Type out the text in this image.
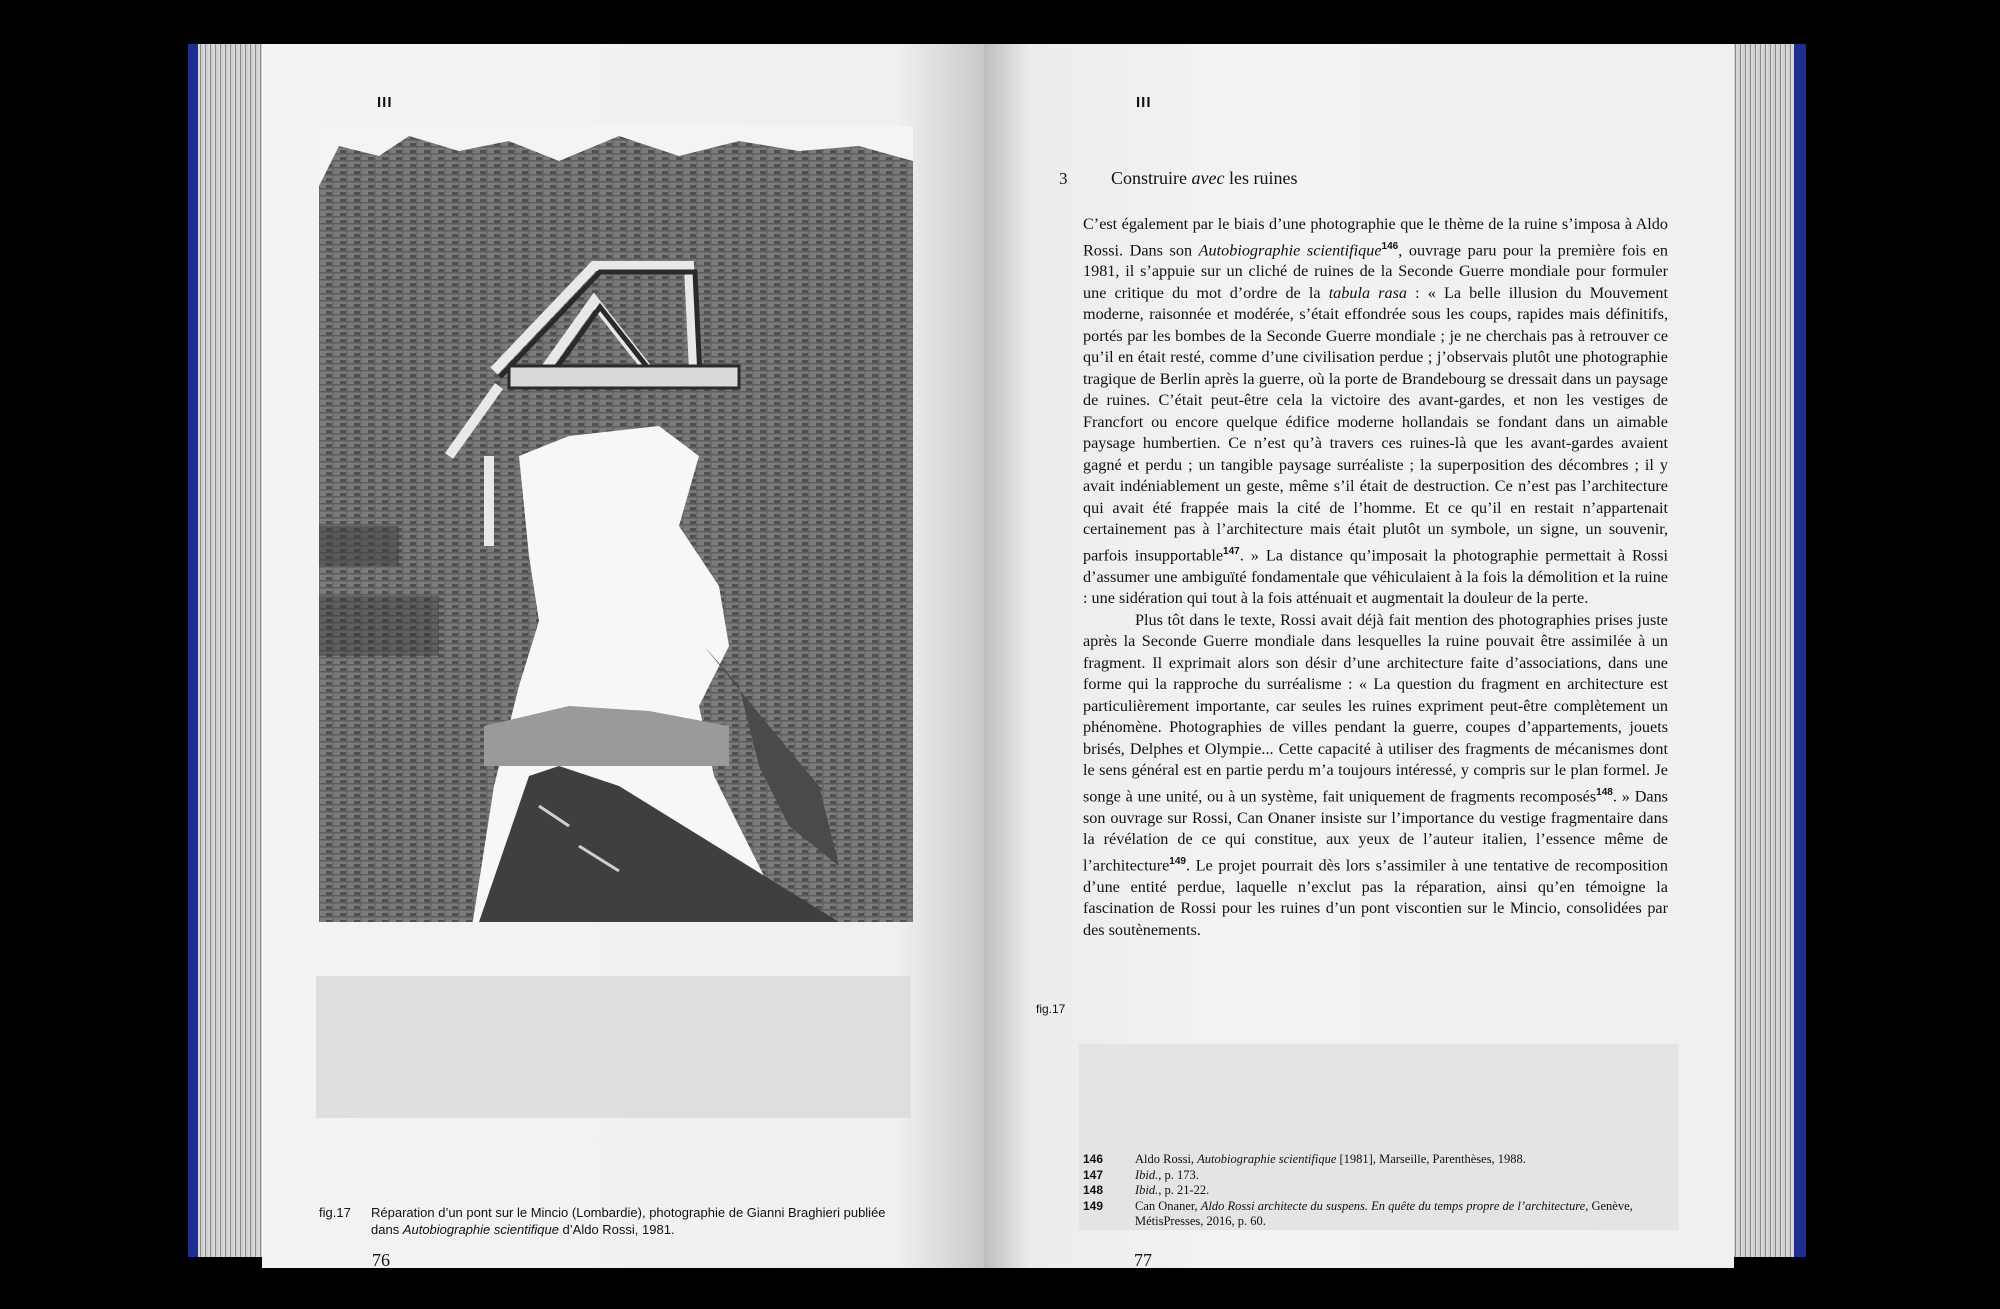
III
fig.17 Réparation d’un pont sur le Mincio (Lombardie), photographie de Gianni Braghieri publiée dans Autobiographie scientifique d’Aldo Rossi, 1981.
76
III
3 Construire avec les ruines

C’est également par le biais d’une photographie que le thème de la ruine s’imposa à Aldo Rossi. Dans son Autobiographie scientifique$^{146}$, ouvrage paru pour la première fois en 1981, il s’appuie sur un cliché de ruines de la Seconde Guerre mondiale pour formuler une critique du mot d’ordre de la tabula rasa : « La belle illusion du Mouvement moderne, raisonnée et modérée, s’était effondrée sous les coups, rapides mais définitifs, portés par les bombes de la Seconde Guerre mondiale ; je ne cherchais pas à retrouver ce qu’il en était resté, comme d’une civilisation perdue ; j’observais plutôt une photographie tragique de Berlin après la guerre, où la porte de Brandebourg se dressait dans un paysage de ruines. C’était peut-être cela la victoire des avant-gardes, et non les vestiges de Francfort ou encore quelque édifice moderne hollandais se fondant dans un aimable paysage humbertien. Ce n’est qu’à travers ces ruines-là que les avant-gardes avaient gagné et perdu ; un tangible paysage surréaliste ; la superposition des décombres ; il y avait indéniablement un geste, même s’il était de destruction. Ce n’est pas l’architecture qui avait été frappée mais la cité de l’homme. Et ce qu’il en restait n’appartenait certainement pas à l’architecture mais était plutôt un symbole, un signe, un souvenir, parfois insupportable$^{147}$. » La distance qu’imposait la photographie permettait à Rossi d’assumer une ambiguïté fondamentale que véhiculaient à la fois la démolition et la ruine : une sidération qui tout à la fois atténuait et augmentait la douleur de la perte.

Plus tôt dans le texte, Rossi avait déjà fait mention des photographies prises juste après la Seconde Guerre mondiale dans lesquelles la ruine pouvait être assimilée à un fragment. Il exprimait alors son désir d’une architecture faite d’associations, dans une forme qui la rapproche du surréalisme : « La question du fragment en architecture est particulièrement importante, car seules les ruines expriment peut-être complètement un phénomène. Photographies de villes pendant la guerre, coupes d’appartements, jouets brisés, Delphes et Olympie... Cette capacité à utiliser des fragments de mécanismes dont le sens général est en partie perdu m’a toujours intéressé, y compris sur le plan formel. Je songe à une unité, ou à un système, fait uniquement de fragments recomposés$^{148}$. » Dans son ouvrage sur Rossi, Can Onaner insiste sur l’importance du vestige fragmentaire dans la révélation de ce qui constitue, aux yeux de l’auteur italien, l’essence même de l’architecture$^{149}$. Le projet pourrait dès lors s’assimiler à une tentative de recomposition d’une entité perdue, laquelle n’exclut pas la réparation, ainsi qu’en témoigne la fascination de Rossi pour les ruines d’un pont viscontien sur le Mincio, consolidées par des soutènements.

fig.17
146	Aldo Rossi, Autobiographie scientifique [1981], Marseille, Parenthèses, 1988.
147	Ibid., p. 173.
148	Ibid., p. 21-22.
149	Can Onaner, Aldo Rossi architecte du suspens. En quête du temps propre de l’architecture, Genève, MétisPresses, 2016, p. 60.
77
